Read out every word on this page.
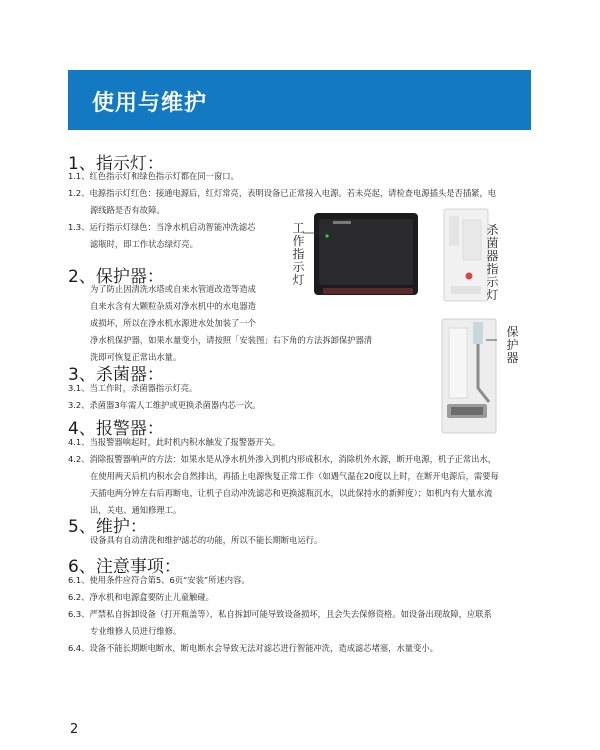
使用与维护
1、指示灯：
1.1、红色指示灯和绿色指示灯都在同一窗口。
1.2、电源指示灯红色：接通电源后，红灯常亮，表明设备已正常接入电源。若未亮起，请检查电源插头是否插紧，电
源线路是否有故障。
1.3、运行指示灯绿色：当净水机启动智能冲洗滤芯
滤瓶时，即工作状态绿灯亮。
2、保护器：
为了防止因清洗水塔或自来水管道改造等造成
自来水含有大颗粒杂质对净水机中的水电器造
成损坏，所以在净水机水源进水处加装了一个
净水机保护器，如果水量变小，请按照「安装图」右下角的方法拆卸保护器清
洗即可恢复正常出水量。
3、杀菌器：
3.1、当工作时，杀菌器指示灯亮。
3.2、杀菌器3年需人工维护或更换杀菌器内芯一次。
4、报警器：
4.1、当报警器响起时，此时机内积水触发了报警器开关。
4.2、消除报警器响声的方法：如果水是从净水机外渗入到机内形成积水，消除机外水源，断开电源，机子正常出水，
在使用两天后机内积水会自然排出，再插上电源恢复正常工作（如遇气温在20度以上时，在断开电源后，需要每
天插电两分钟左右后再断电，让机子自动冲洗滤芯和更换滤瓶沉水，以此保持水的新鲜度）；如机内有大量水流
出，关电、通知修理工。
5、维护：
设备具有自动清洗和维护滤芯的功能，所以不能长期断电运行。
6、注意事项：
6.1、使用条件应符合第5、6页“安装”所述内容。
6.2、净水机和电源盒要防止儿童触碰。
6.3、严禁私自拆卸设备（打开瓶盖等），私自拆卸可能导致设备损坏，且会失去保修资格。如设备出现故障，应联系
专业维修人员进行维修。
6.4、设备不能长期断电断水，断电断水会导致无法对滤芯进行智能冲洗，造成滤芯堵塞，水量变小。
工作指示灯
杀菌器指示灯
保护器
2
